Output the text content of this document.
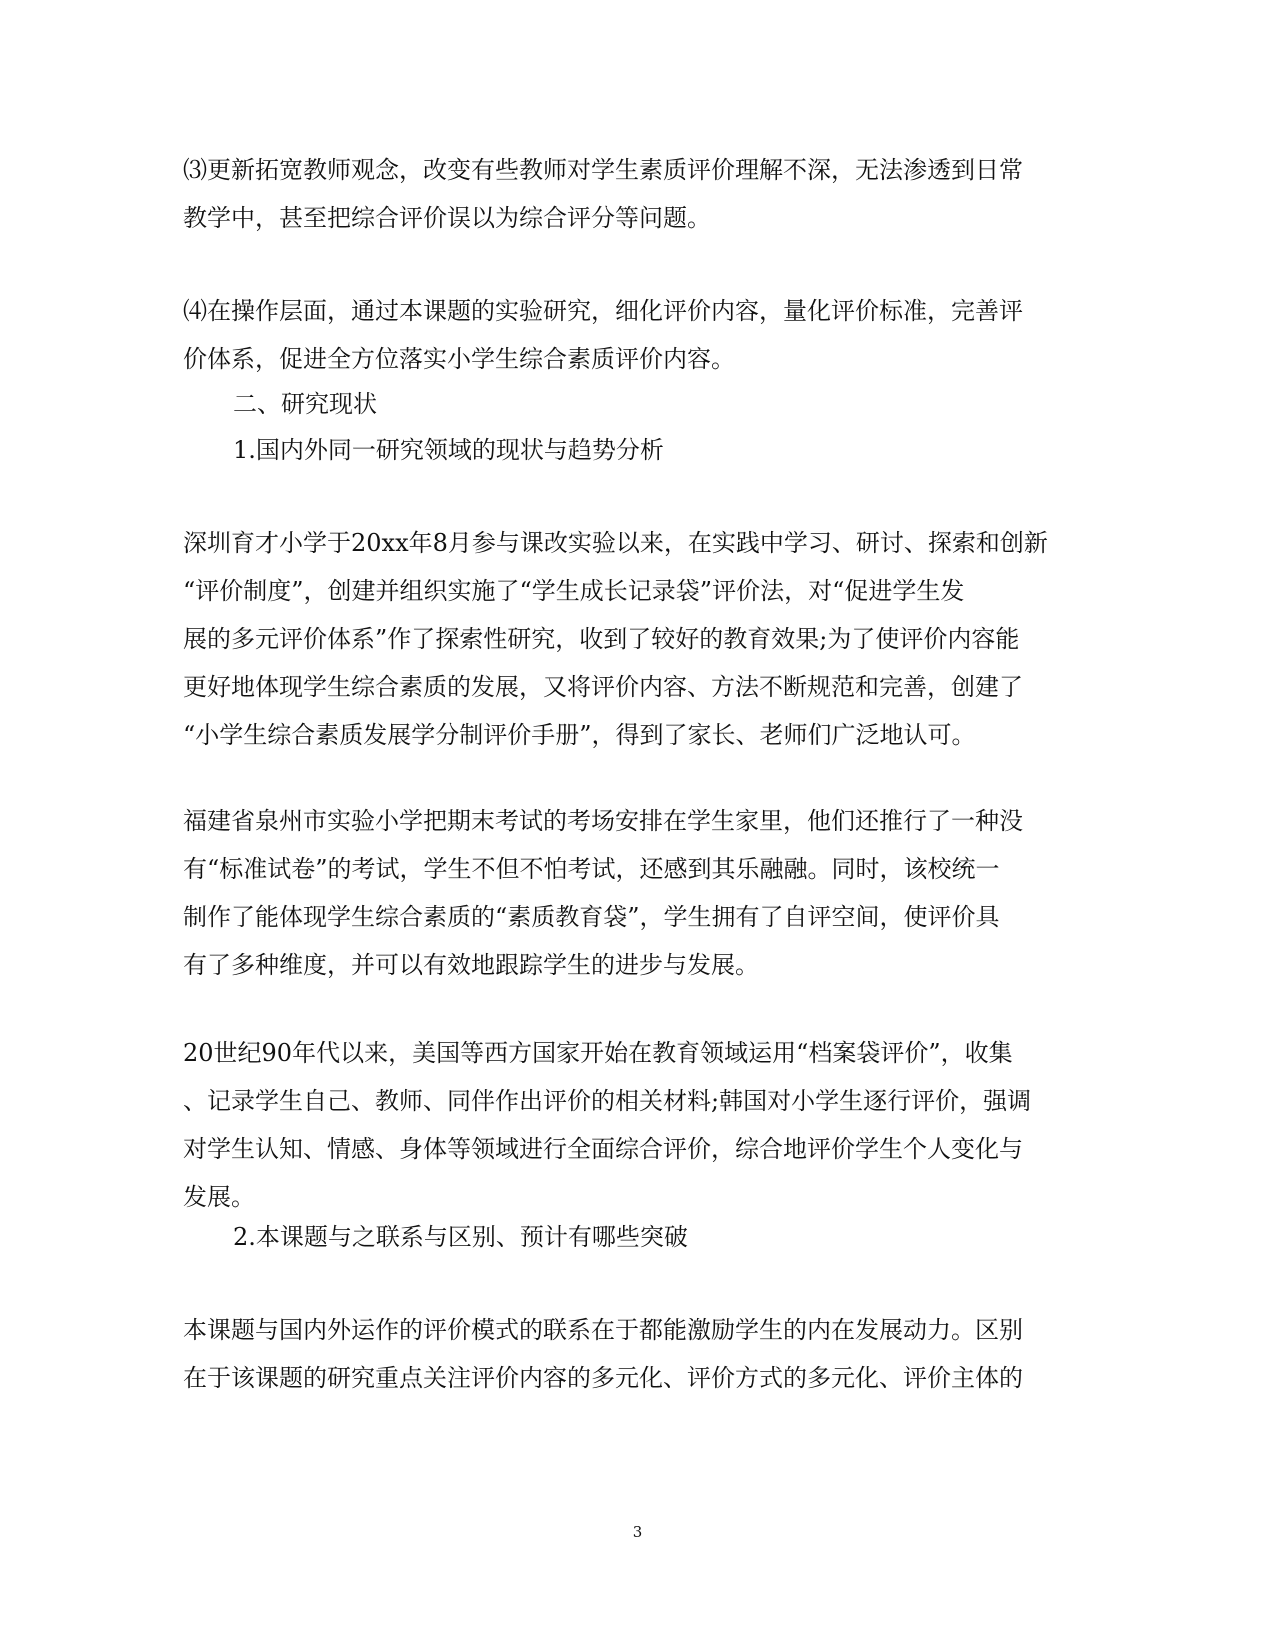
⑶更新拓宽教师观念，改变有些教师对学生素质评价理解不深，无法渗透到日常
教学中，甚至把综合评价误以为综合评分等问题。

⑷在操作层面，通过本课题的实验研究，细化评价内容，量化评价标准，完善评
价体系，促进全方位落实小学生综合素质评价内容。

二、研究现状

1.国内外同一研究领域的现状与趋势分析

深圳育才小学于20xx年8月参与课改实验以来，在实践中学习、研讨、探索和创新
“评价制度”，创建并组织实施了“学生成长记录袋”评价法，对“促进学生发
展的多元评价体系”作了探索性研究，收到了较好的教育效果;为了使评价内容能
更好地体现学生综合素质的发展，又将评价内容、方法不断规范和完善，创建了
“小学生综合素质发展学分制评价手册”，得到了家长、老师们广泛地认可。

福建省泉州市实验小学把期末考试的考场安排在学生家里，他们还推行了一种没
有“标准试卷”的考试，学生不但不怕考试，还感到其乐融融。同时，该校统一
制作了能体现学生综合素质的“素质教育袋”，学生拥有了自评空间，使评价具
有了多种维度，并可以有效地跟踪学生的进步与发展。

20世纪90年代以来，美国等西方国家开始在教育领域运用“档案袋评价”，收集
、记录学生自己、教师、同伴作出评价的相关材料;韩国对小学生逐行评价，强调
对学生认知、情感、身体等领域进行全面综合评价，综合地评价学生个人变化与
发展。

2.本课题与之联系与区别、预计有哪些突破

本课题与国内外运作的评价模式的联系在于都能激励学生的内在发展动力。区别
在于该课题的研究重点关注评价内容的多元化、评价方式的多元化、评价主体的

3
